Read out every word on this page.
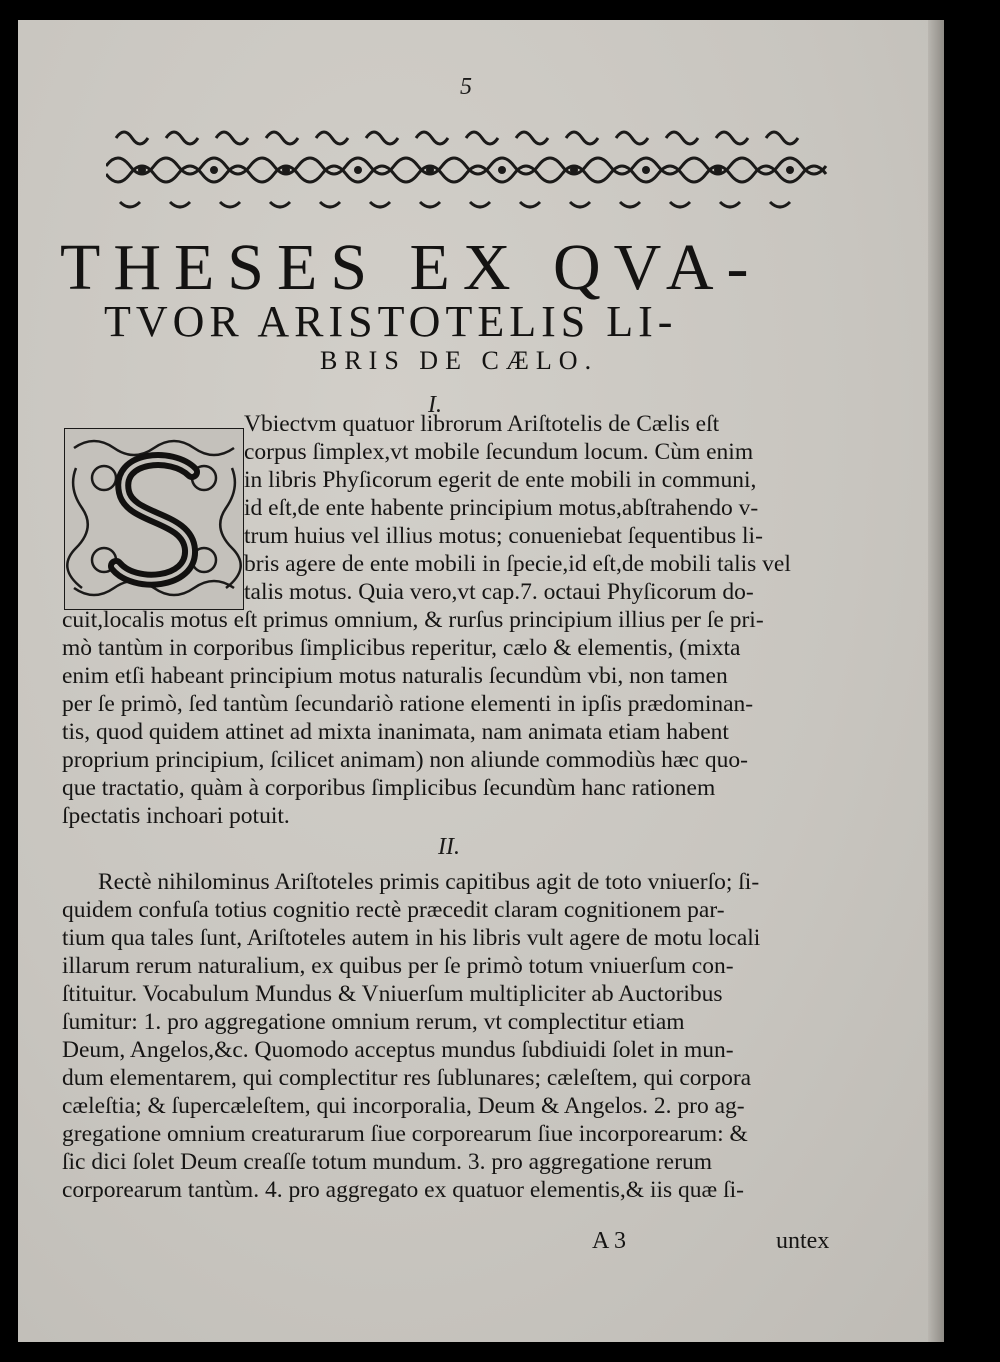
5
THESES EX QVA-
TVOR ARISTOTELIS LI-
BRIS DE CÆLO.
I.
Vbiectvm quatuor librorum Ariſtotelis de Cælis eſt
corpus ſimplex,vt mobile ſecundum locum. Cùm enim
in libris Phyſicorum egerit de ente mobili in communi,
id eſt,de ente habente principium motus,abſtrahendo v-
trum huius vel illius motus; conueniebat ſequentibus li-
bris agere de ente mobili in ſpecie,id eſt,de mobili talis vel
talis motus. Quia vero,vt cap.7. octaui Phyſicorum do-
cuit,localis motus eſt primus omnium, & rurſus principium illius per ſe pri-
mò tantùm in corporibus ſimplicibus reperitur, cælo & elementis, (mixta
enim etſi habeant principium motus naturalis ſecundùm vbi, non tamen
per ſe primò, ſed tantùm ſecundariò ratione elementi in ipſis prædominan-
tis, quod quidem attinet ad mixta inanimata, nam animata etiam habent
proprium principium, ſcilicet animam) non aliunde commodiùs hæc quo-
que tractatio, quàm à corporibus ſimplicibus ſecundùm hanc rationem
ſpectatis inchoari potuit.
II.
Rectè nihilominus Ariſtoteles primis capitibus agit de toto vniuerſo; ſi-
quidem confuſa totius cognitio rectè præcedit claram cognitionem par-
tium qua tales ſunt, Ariſtoteles autem in his libris vult agere de motu locali
illarum rerum naturalium, ex quibus per ſe primò totum vniuerſum con-
ſtituitur. Vocabulum Mundus & Vniuerſum multipliciter ab Auctoribus
ſumitur: 1. pro aggregatione omnium rerum, vt complectitur etiam
Deum, Angelos,&c. Quomodo acceptus mundus ſubdiuidi ſolet in mun-
dum elementarem, qui complectitur res ſublunares; cæleſtem, qui corpora
cæleſtia; & ſupercæleſtem, qui incorporalia, Deum & Angelos. 2. pro ag-
gregatione omnium creaturarum ſiue corporearum ſiue incorporearum: &
ſic dici ſolet Deum creaſſe totum mundum. 3. pro aggregatione rerum
corporearum tantùm. 4. pro aggregato ex quatuor elementis,& iis quæ ſi-
A 3	untex
